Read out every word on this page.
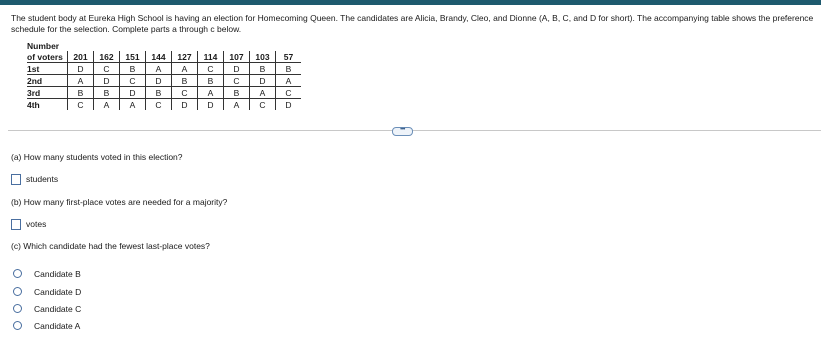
The student body at Eureka High School is having an election for Homecoming Queen. The candidates are Alicia, Brandy, Cleo, and Dionne (A, B, C, and D for short). The accompanying table shows the preference schedule for the selection. Complete parts a through c below.

Number									
of voters	201	162	151	144	127	114	107	103	57
1st	D	C	B	A	A	C	D	B	B
2nd	A	D	C	D	B	B	C	D	A
3rd	B	B	D	B	C	A	B	A	C
4th	C	A	A	C	D	D	A	C	D
•••

(a) How many students voted in this election?

students

(b) How many first-place votes are needed for a majority?

votes

(c) Which candidate had the fewest last-place votes?

Candidate B
Candidate D
Candidate C
Candidate A
